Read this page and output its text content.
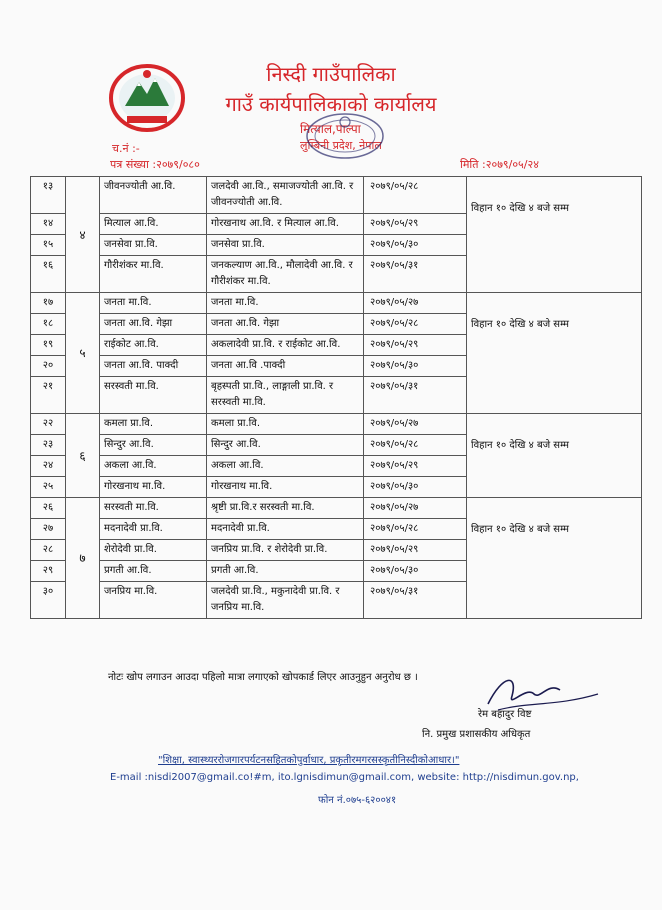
निस्दी गाउँपालिका
गाउँ कार्यपालिकाको कार्यालय
मित्याल,पाल्पा
लुम्बिनी प्रदेश, नेपाल
च.नं :-
पत्र संख्या :२०७९/०८०	मिति :२०७९/०५/२४
१३	४	जीवनज्योती आ.वि.	जलदेवी आ.वि., समाजज्योती आ.वि. र जीवनज्योती आ.वि.	२०७९/०५/२८	विहान १० देखि ४ बजे सम्म
१४		मित्याल आ.वि.	गोरखनाथ आ.वि. र मित्याल आ.वि.	२०७९/०५/२९	
१५		जनसेवा प्रा.वि.	जनसेवा प्रा.वि.	२०७९/०५/३०	
१६		गौरीशंकर मा.वि.	जनकल्याण आ.वि., मौलादेवी आ.वि. र गौरीशंकर मा.वि.	२०७९/०५/३१	
१७	५	जनता मा.वि.	जनता मा.वि.	२०७९/०५/२७	विहान १० देखि ४ बजे सम्म
१८		जनता आ.वि. गेझा	जनता आ.वि. गेझा	२०७९/०५/२८	
१९		राईकोट आ.वि.	अकलादेवी प्रा.वि. र राईकोट आ.वि.	२०७९/०५/२९	
२०		जनता आ.वि. पाक्दी	जनता आ.वि .पाक्दी	२०७९/०५/३०	
२१		सरस्वती मा.वि.	बृहस्पती प्रा.वि., लाङ्गाली प्रा.वि. र सरस्वती मा.वि.	२०७९/०५/३१	
२२	६	कमला प्रा.वि.	कमला प्रा.वि.	२०७९/०५/२७	विहान १० देखि ४ बजे सम्म
२३		सिन्दुर आ.वि.	सिन्दुर आ.वि.	२०७९/०५/२८	
२४		अकला आ.वि.	अकला आ.वि.	२०७९/०५/२९	
२५		गोरखनाथ मा.वि.	गोरखनाथ मा.वि.	२०७९/०५/३०	
२६	७	सरस्वती मा.वि.	श्रृष्टी प्रा.वि.र सरस्वती मा.वि.	२०७९/०५/२७	विहान १० देखि ४ बजे सम्म
२७		मदनादेवी प्रा.वि.	मदनादेवी प्रा.वि.	२०७९/०५/२८	
२८		शेरोदेवी प्रा.वि.	जनप्रिय प्रा.वि. र शेरोदेवी प्रा.वि.	२०७९/०५/२९	
२९		प्रगती आ.वि.	प्रगती आ.वि.	२०७९/०५/३०	
३०		जनप्रिय मा.वि.	जलदेवी प्रा.वि., मकुनादेवी प्रा.वि. र जनप्रिय मा.वि.	२०७९/०५/३१	
नोटः खोप लगाउन आउदा पहिलो मात्रा लगाएको खोपकार्ड लिएर आउनुहुन अनुरोध छ ।
रेम बहादुर विष्ट
नि. प्रमुख प्रशासकीय अधिकृत
"शिक्षा, स्वास्थ्यररोजगारपर्यटनसहितकोपुर्वाधार, प्रकृतीरमगरसस्कृतीनिस्दीकोआधार।"
E-mail :nisdi2007@gmail.co!#m, ito.lgnisdimun@gmail.com, website: http://nisdimun.gov.np,
फोन नं.०७५-६२००४१
